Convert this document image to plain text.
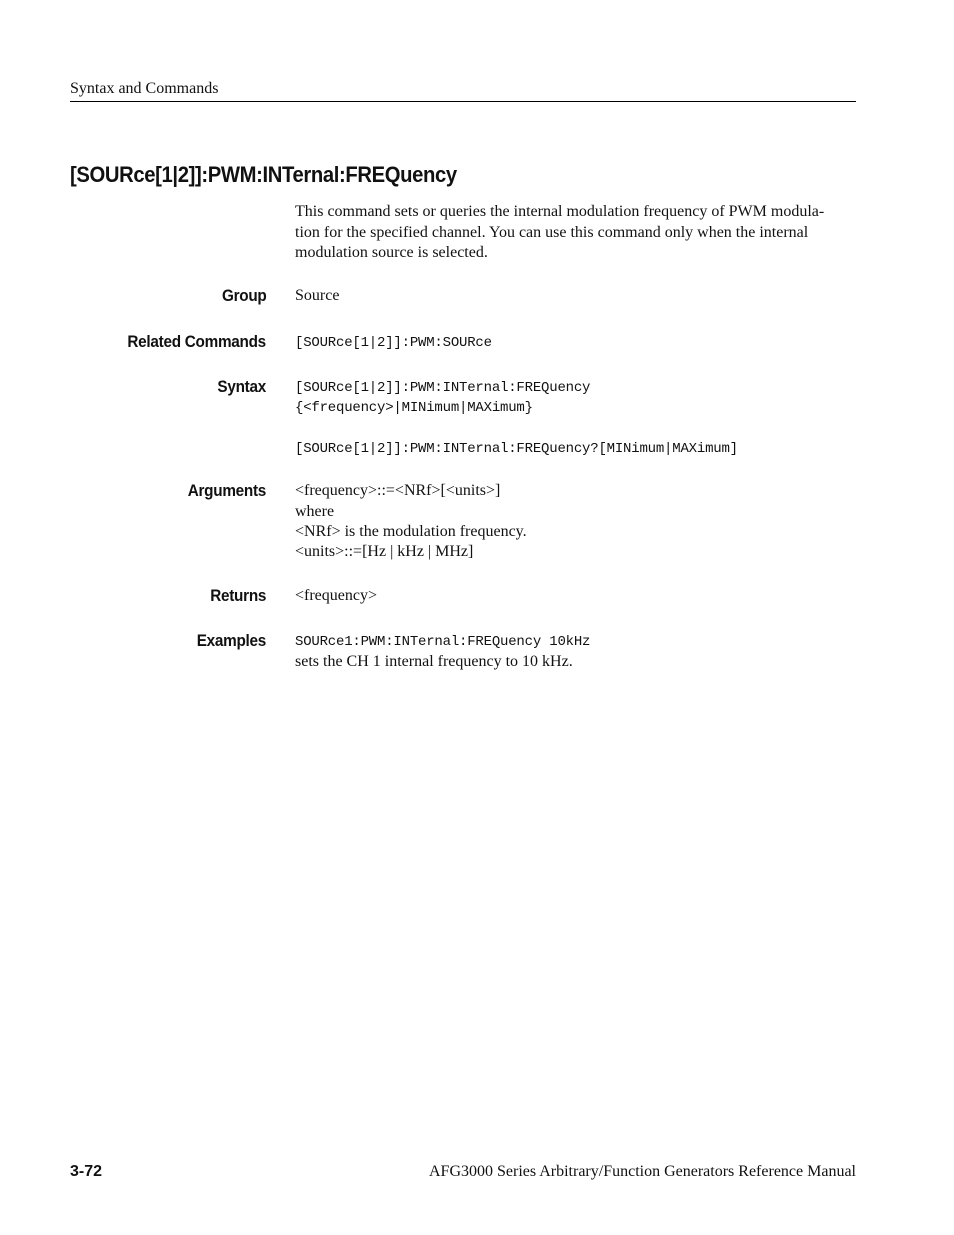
Syntax and Commands
[SOURce[1|2]]:PWM:INTernal:FREQuency
This command sets or queries the internal modulation frequency of PWM modula-
tion for the specified channel. You can use this command only when the internal
modulation source is selected.
Group Source
Related Commands [SOURce[1|2]]:PWM:SOURce
Syntax [SOURce[1|2]]:PWM:INTernal:FREQuency
{<frequency>|MINimum|MAXimum}
[SOURce[1|2]]:PWM:INTernal:FREQuency?[MINimum|MAXimum]
Arguments <frequency>::=<NRf>[<units>]
where
<NRf> is the modulation frequency.
<units>::=[Hz | kHz | MHz]
Returns <frequency>
Examples SOURce1:PWM:INTernal:FREQuency 10kHz
sets the CH 1 internal frequency to 10 kHz.
3-72	AFG3000 Series Arbitrary/Function Generators Reference Manual
